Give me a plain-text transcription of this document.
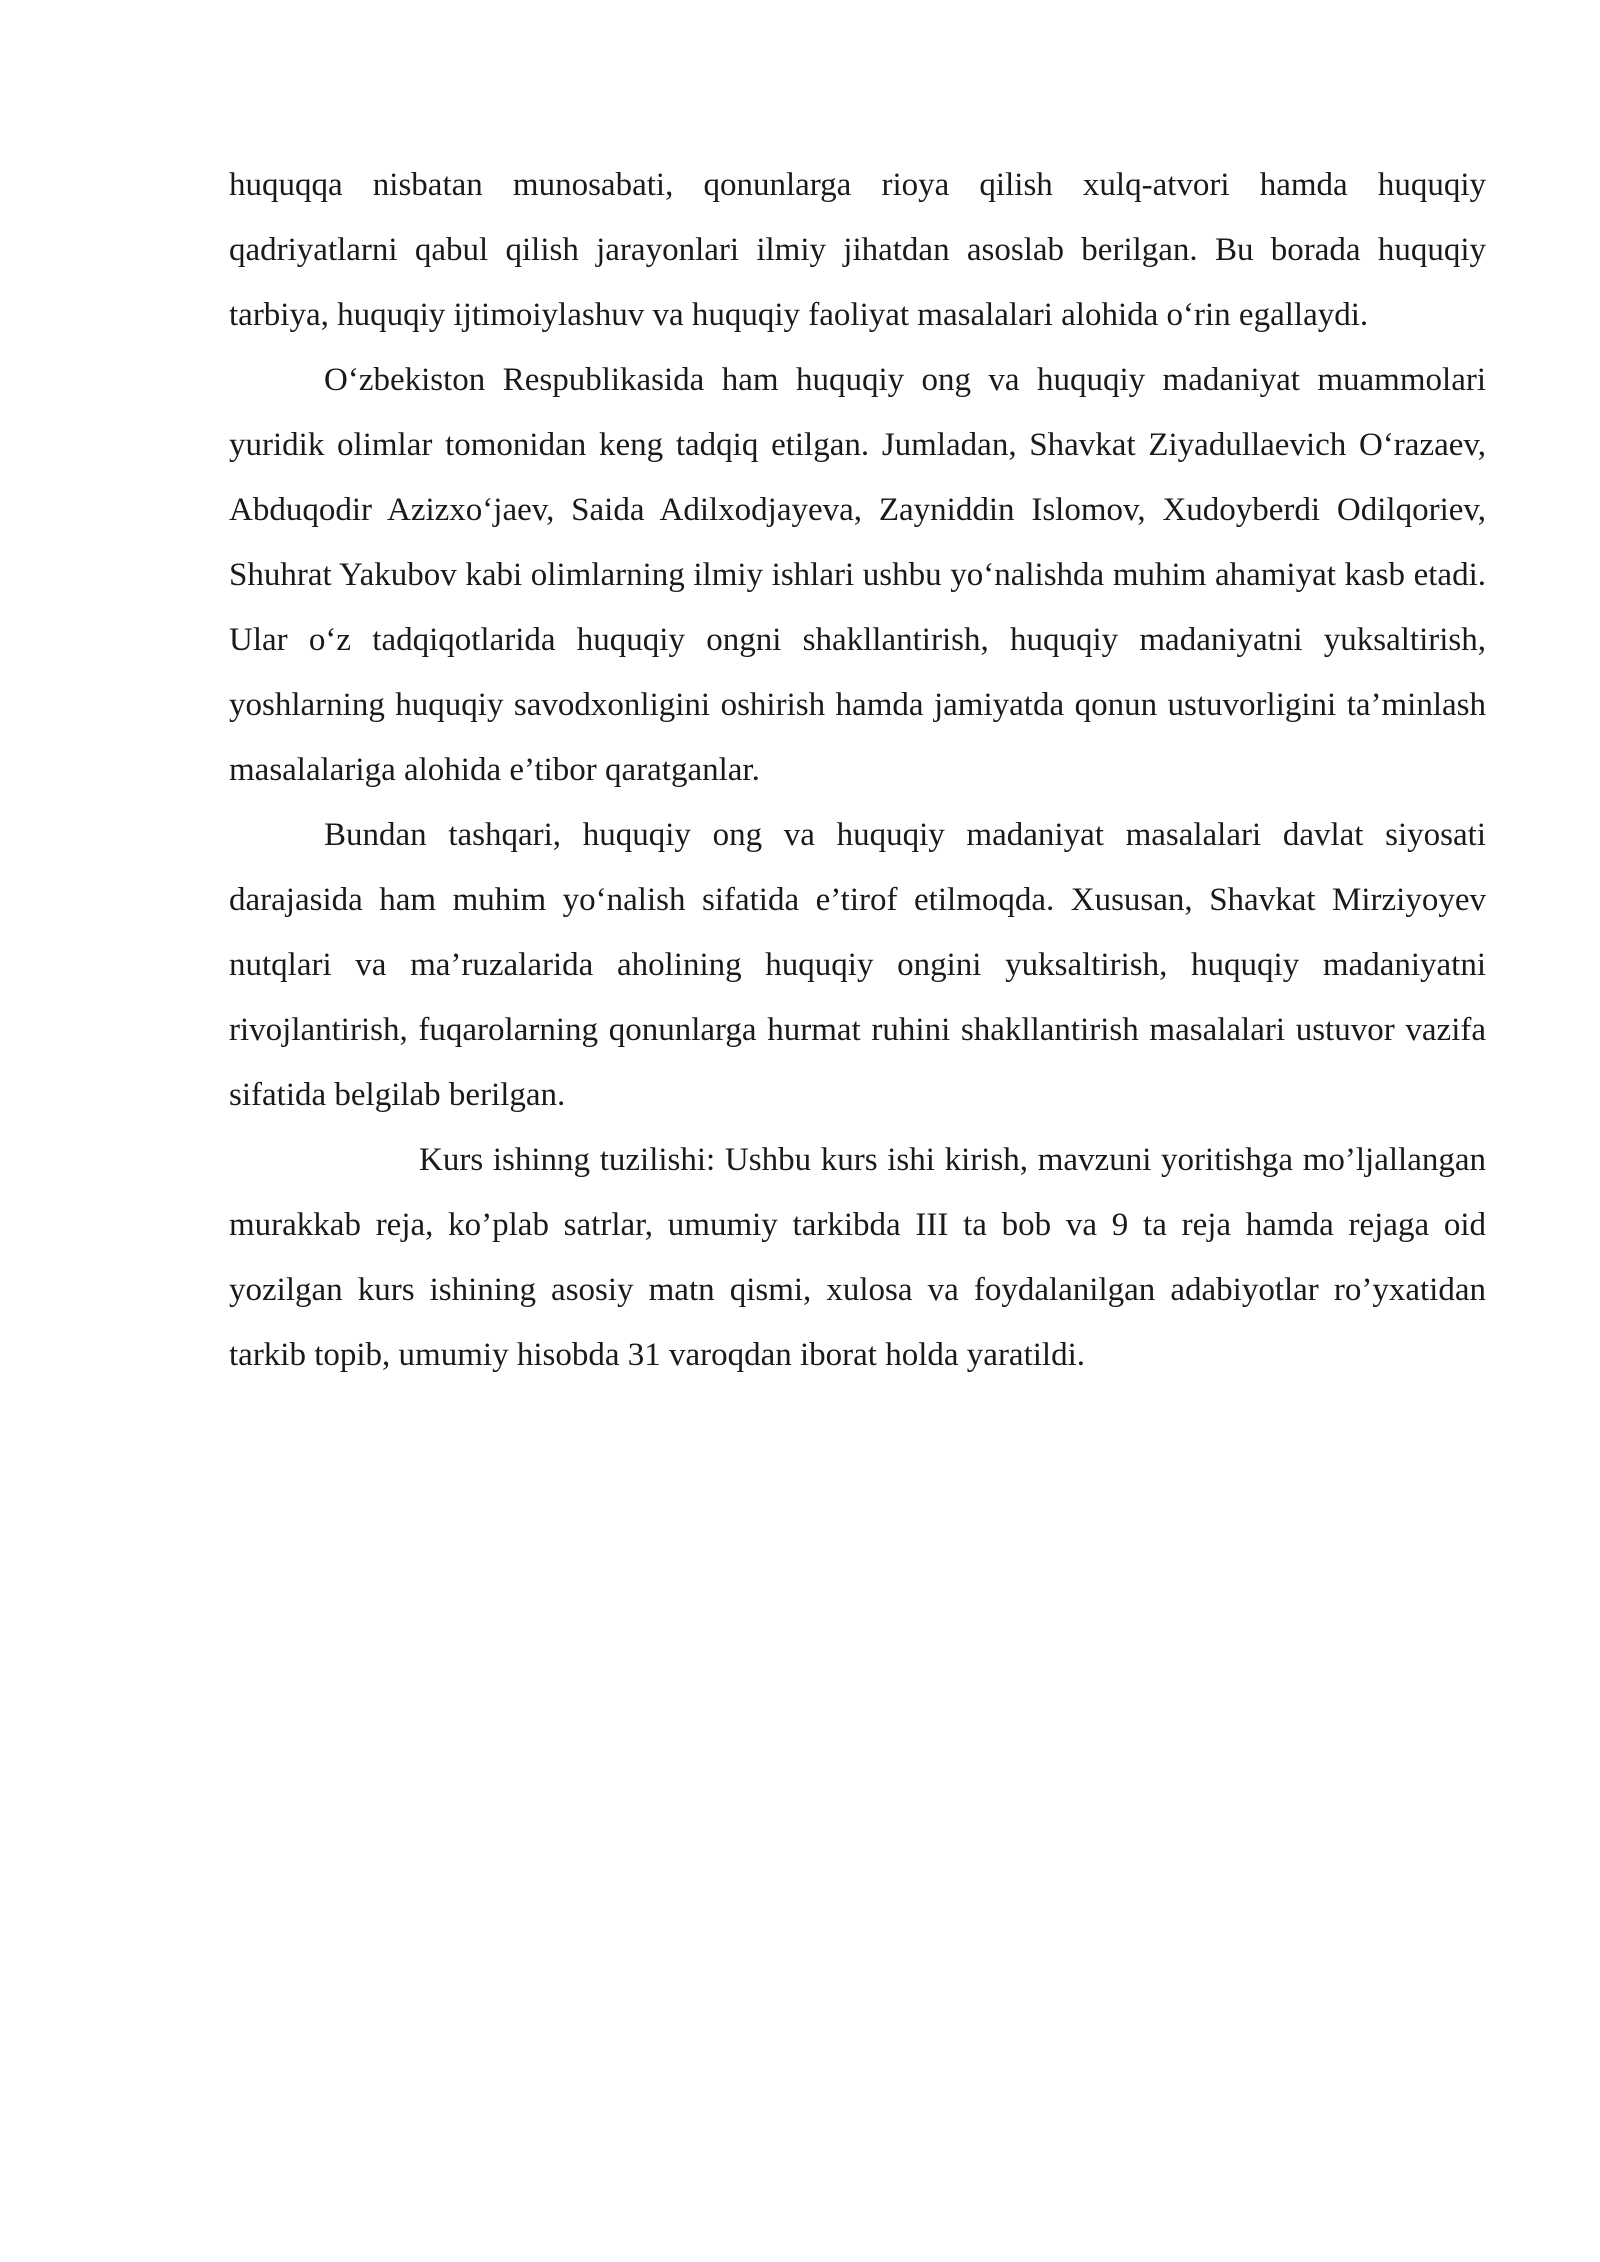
huquqqa nisbatan munosabati, qonunlarga rioya qilish xulq-atvori hamda huquqiy qadriyatlarni qabul qilish jarayonlari ilmiy jihatdan asoslab berilgan. Bu borada huquqiy tarbiya, huquqiy ijtimoiylashuv va huquqiy faoliyat masalalari alohida o‘rin egallaydi.

O‘zbekiston Respublikasida ham huquqiy ong va huquqiy madaniyat muammolari yuridik olimlar tomonidan keng tadqiq etilgan. Jumladan, Shavkat Ziyadullaevich O‘razaev, Abduqodir Azizxo‘jaev, Saida Adilxodjayeva, Zayniddin Islomov, Xudoyberdi Odilqoriev, Shuhrat Yakubov kabi olimlarning ilmiy ishlari ushbu yo‘nalishda muhim ahamiyat kasb etadi. Ular o‘z tadqiqotlarida huquqiy ongni shakllantirish, huquqiy madaniyatni yuksaltirish, yoshlarning huquqiy savodxonligini oshirish hamda jamiyatda qonun ustuvorligini ta’minlash masalalariga alohida e’tibor qaratganlar.

Bundan tashqari, huquqiy ong va huquqiy madaniyat masalalari davlat siyosati darajasida ham muhim yo‘nalish sifatida e’tirof etilmoqda. Xususan, Shavkat Mirziyoyev nutqlari va ma’ruzalarida aholining huquqiy ongini yuksaltirish, huquqiy madaniyatni rivojlantirish, fuqarolarning qonunlarga hurmat ruhini shakllantirish masalalari ustuvor vazifa sifatida belgilab berilgan.

Kurs ishinng tuzilishi: Ushbu kurs ishi kirish, mavzuni yoritishga mo’ljallangan murakkab reja, ko’plab satrlar, umumiy tarkibda III ta bob va 9 ta reja hamda rejaga oid yozilgan kurs ishining asosiy matn qismi, xulosa va foydalanilgan adabiyotlar ro’yxatidan tarkib topib, umumiy hisobda 31 varoqdan iborat holda yaratildi.
